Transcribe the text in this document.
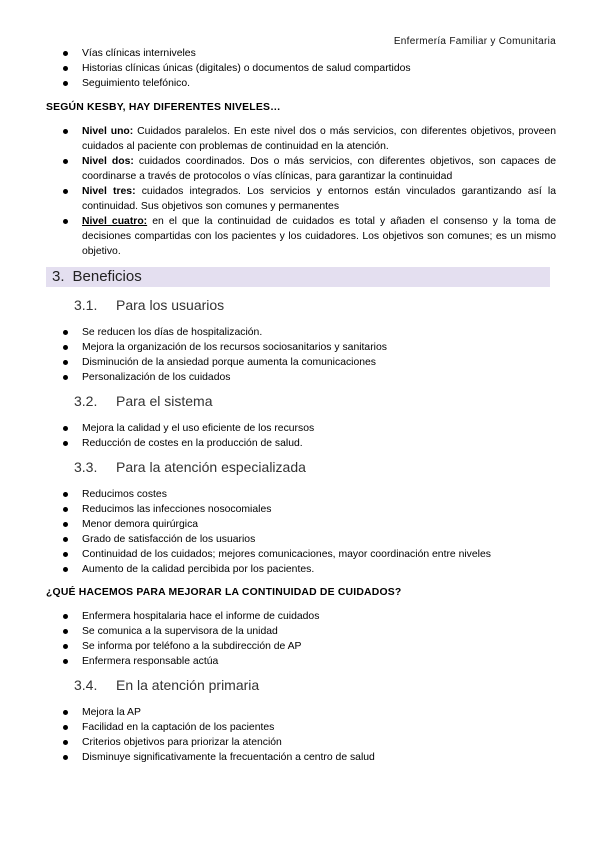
Enfermería Familiar y Comunitaria
Vías clínicas interniveles
Historias clínicas únicas (digitales) o documentos de salud compartidos
Seguimiento telefónico.

SEGÚN KESBY, HAY DIFERENTES NIVELES…

Nivel uno: Cuidados paralelos. En este nivel dos o más servicios, con diferentes objetivos, proveen cuidados al paciente con problemas de continuidad en la atención.
Nivel dos: cuidados coordinados. Dos o más servicios, con diferentes objetivos, son capaces de coordinarse a través de protocolos o vías clínicas, para garantizar la continuidad
Nivel tres: cuidados integrados. Los servicios y entornos están vinculados garantizando así la continuidad. Sus objetivos son comunes y permanentes
Nivel cuatro: en el que la continuidad de cuidados es total y añaden el consenso y la toma de decisiones compartidas con los pacientes y los cuidadores. Los objetivos son comunes; es un mismo objetivo.
3. Beneficios
3.1. Para los usuarios
Se reducen los días de hospitalización.
Mejora la organización de los recursos sociosanitarios y sanitarios
Disminución de la ansiedad porque aumenta la comunicaciones
Personalización de los cuidados
3.2. Para el sistema
Mejora la calidad y el uso eficiente de los recursos
Reducción de costes en la producción de salud.
3.3. Para la atención especializada
Reducimos costes
Reducimos las infecciones nosocomiales
Menor demora quirúrgica
Grado de satisfacción de los usuarios
Continuidad de los cuidados; mejores comunicaciones, mayor coordinación entre niveles
Aumento de la calidad percibida por los pacientes.

¿QUÉ HACEMOS PARA MEJORAR LA CONTINUIDAD DE CUIDADOS?

Enfermera hospitalaria hace el informe de cuidados
Se comunica a la supervisora de la unidad
Se informa por teléfono a la subdirección de AP
Enfermera responsable actúa
3.4. En la atención primaria
Mejora la AP
Facilidad en la captación de los pacientes
Criterios objetivos para priorizar la atención
Disminuye significativamente la frecuentación a centro de salud
